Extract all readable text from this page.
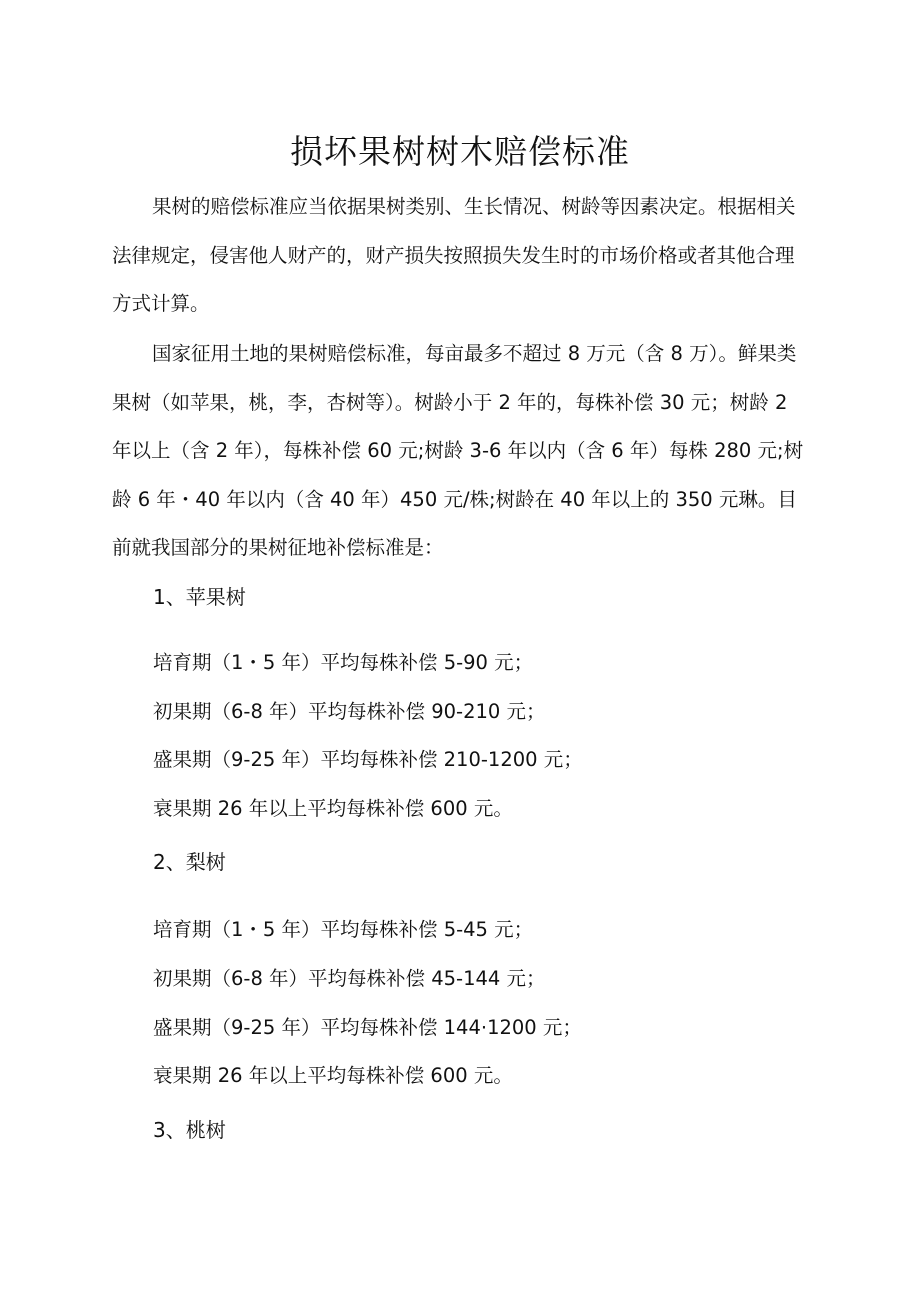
损坏果树树木赔偿标准

果树的赔偿标准应当依据果树类别、生长情况、树龄等因素决定。根据相关法律规定，侵害他人财产的，财产损失按照损失发生时的市场价格或者其他合理方式计算。

国家征用土地的果树赔偿标准，每亩最多不超过 8 万元（含 8 万）。鲜果类果树（如苹果，桃，李，杏树等）。树龄小于 2 年的，每株补偿 30 元；树龄 2 年以上（含 2 年），每株补偿 60 元;树龄 3-6 年以内（含 6 年）每株 280 元;树龄 6 年・40 年以内（含 40 年）450 元/株;树龄在 40 年以上的 350 元琳。目前就我国部分的果树征地补偿标准是：

1、苹果树

培育期（1・5 年）平均每株补偿 5-90 元；

初果期（6-8 年）平均每株补偿 90-210 元；

盛果期（9-25 年）平均每株补偿 210-1200 元；

衰果期 26 年以上平均每株补偿 600 元。

2、梨树

培育期（1・5 年）平均每株补偿 5-45 元；

初果期（6-8 年）平均每株补偿 45-144 元；

盛果期（9-25 年）平均每株补偿 144·1200 元；

衰果期 26 年以上平均每株补偿 600 元。

3、桃树
